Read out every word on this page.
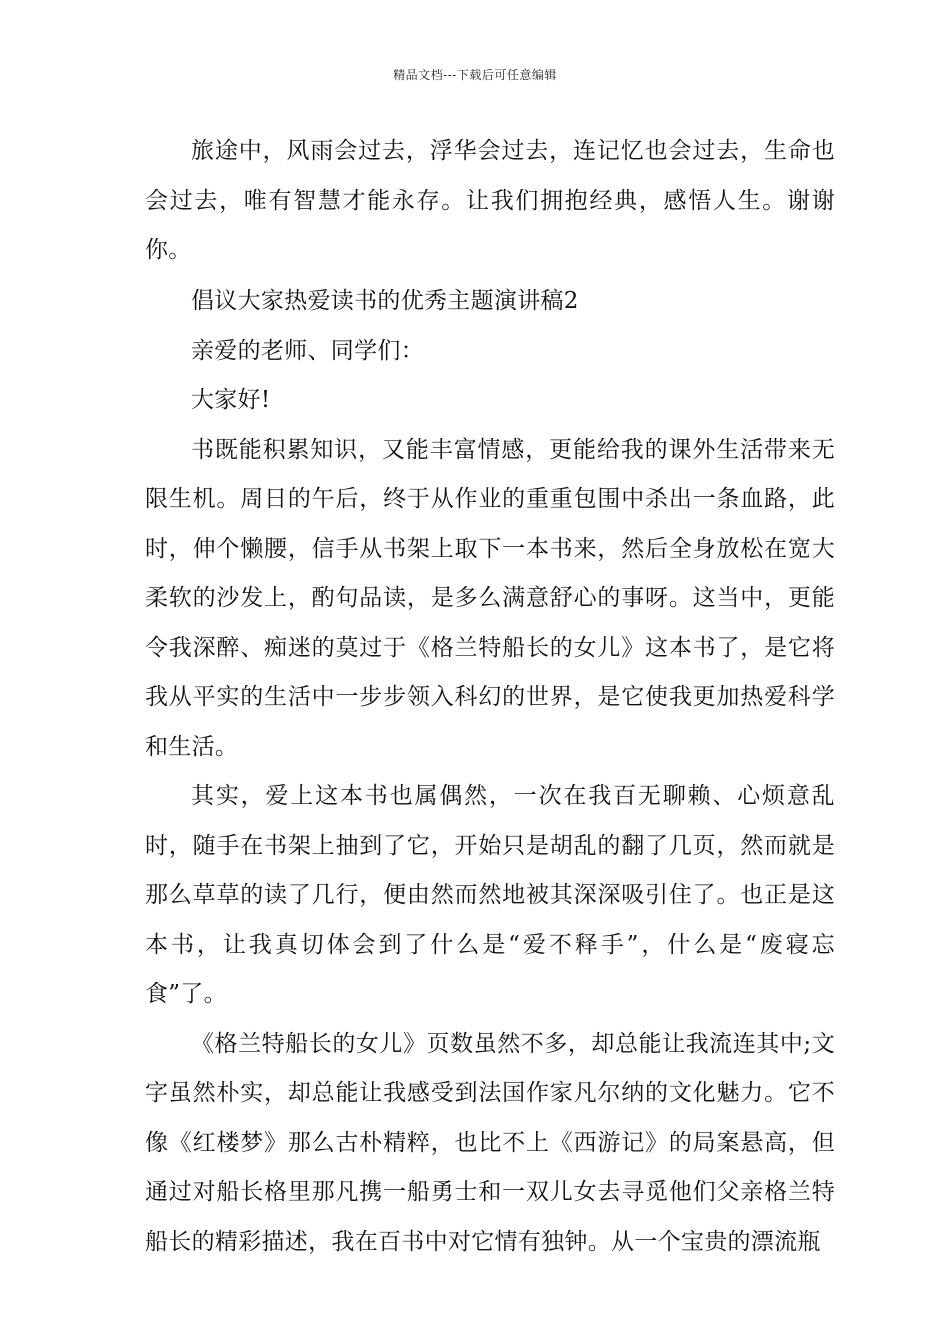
精品文档---下载后可任意编辑

旅途中，风雨会过去，浮华会过去，连记忆也会过去，生命也会过去，唯有智慧才能永存。让我们拥抱经典，感悟人生。谢谢你。

倡议大家热爱读书的优秀主题演讲稿2

亲爱的老师、同学们：

大家好!

书既能积累知识，又能丰富情感，更能给我的课外生活带来无限生机。周日的午后，终于从作业的重重包围中杀出一条血路，此时，伸个懒腰，信手从书架上取下一本书来，然后全身放松在宽大柔软的沙发上，酌句品读，是多么满意舒心的事呀。这当中，更能令我深醉、痴迷的莫过于《格兰特船长的女儿》这本书了，是它将我从平实的生活中一步步领入科幻的世界，是它使我更加热爱科学和生活。

其实，爱上这本书也属偶然，一次在我百无聊赖、心烦意乱时，随手在书架上抽到了它，开始只是胡乱的翻了几页，然而就是那么草草的读了几行，便由然而然地被其深深吸引住了。也正是这本书，让我真切体会到了什么是“爱不释手”，什么是“废寝忘食”了。

《格兰特船长的女儿》页数虽然不多，却总能让我流连其中;文字虽然朴实，却总能让我感受到法国作家凡尔纳的文化魅力。它不像《红楼梦》那么古朴精粹，也比不上《西游记》的局案悬高，但通过对船长格里那凡携一船勇士和一双儿女去寻觅他们父亲格兰特船长的精彩描述，我在百书中对它情有独钟。从一个宝贵的漂流瓶
